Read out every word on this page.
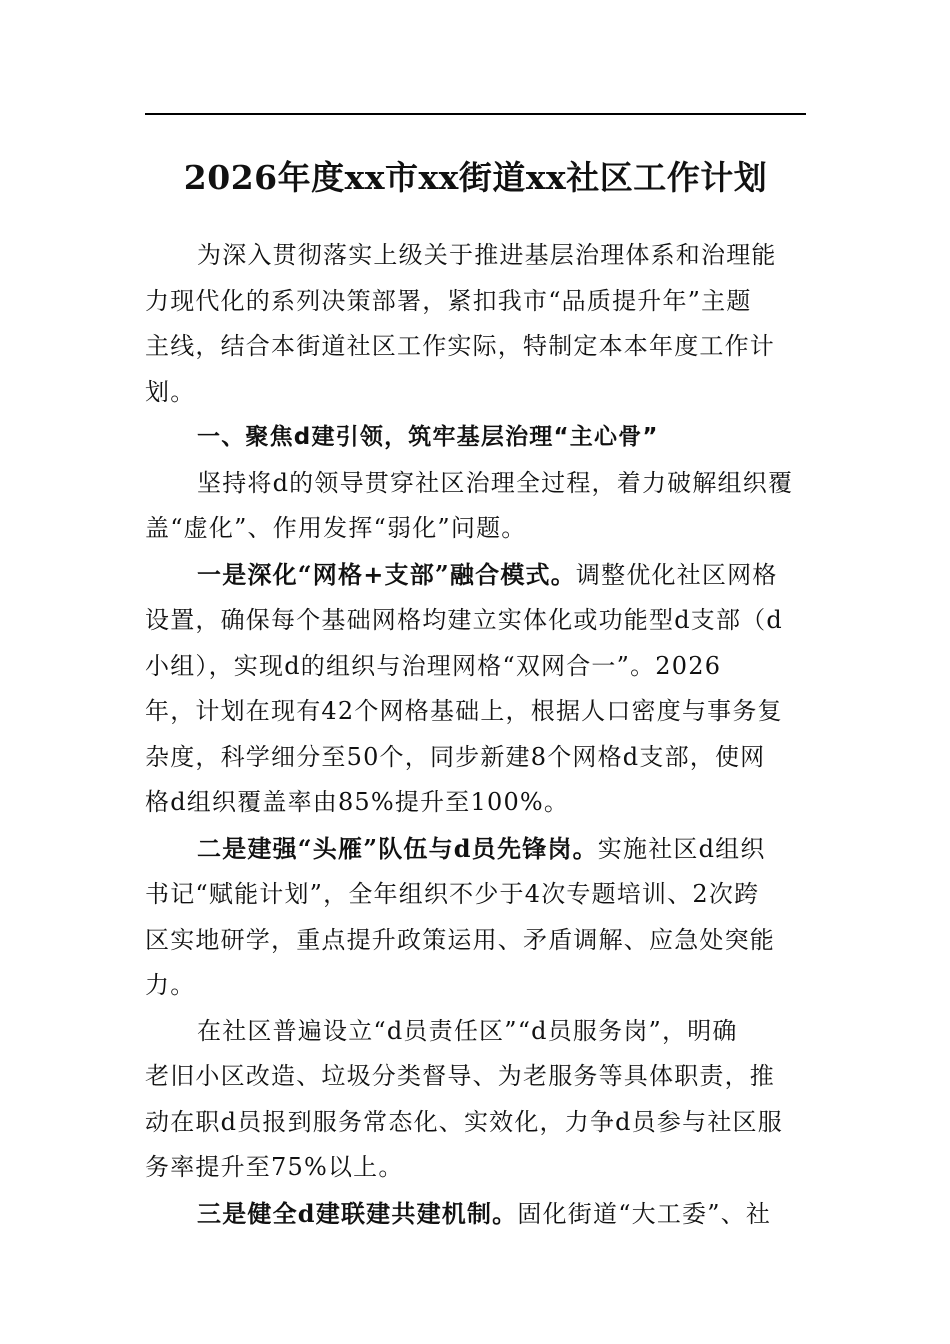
2026年度xx市xx街道xx社区工作计划

为深入贯彻落实上级关于推进基层治理体系和治理能
力现代化的系列决策部署，紧扣我市“品质提升年”主题
主线，结合本街道社区工作实际，特制定本本年度工作计
划。

一、聚焦d建引领，筑牢基层治理“主心骨”

坚持将d的领导贯穿社区治理全过程，着力破解组织覆
盖“虚化”、作用发挥“弱化”问题。

一是深化“网格+支部”融合模式。调整优化社区网格
设置，确保每个基础网格均建立实体化或功能型d支部（d
小组），实现d的组织与治理网格“双网合一”。2026
年，计划在现有42个网格基础上，根据人口密度与事务复
杂度，科学细分至50个，同步新建8个网格d支部，使网
格d组织覆盖率由85%提升至100%。

二是建强“头雁”队伍与d员先锋岗。实施社区d组织
书记“赋能计划”，全年组织不少于4次专题培训、2次跨
区实地研学，重点提升政策运用、矛盾调解、应急处突能
力。

在社区普遍设立“d员责任区”“d员服务岗”，明确
老旧小区改造、垃圾分类督导、为老服务等具体职责，推
动在职d员报到服务常态化、实效化，力争d员参与社区服
务率提升至75%以上。

三是健全d建联建共建机制。固化街道“大工委”、社
